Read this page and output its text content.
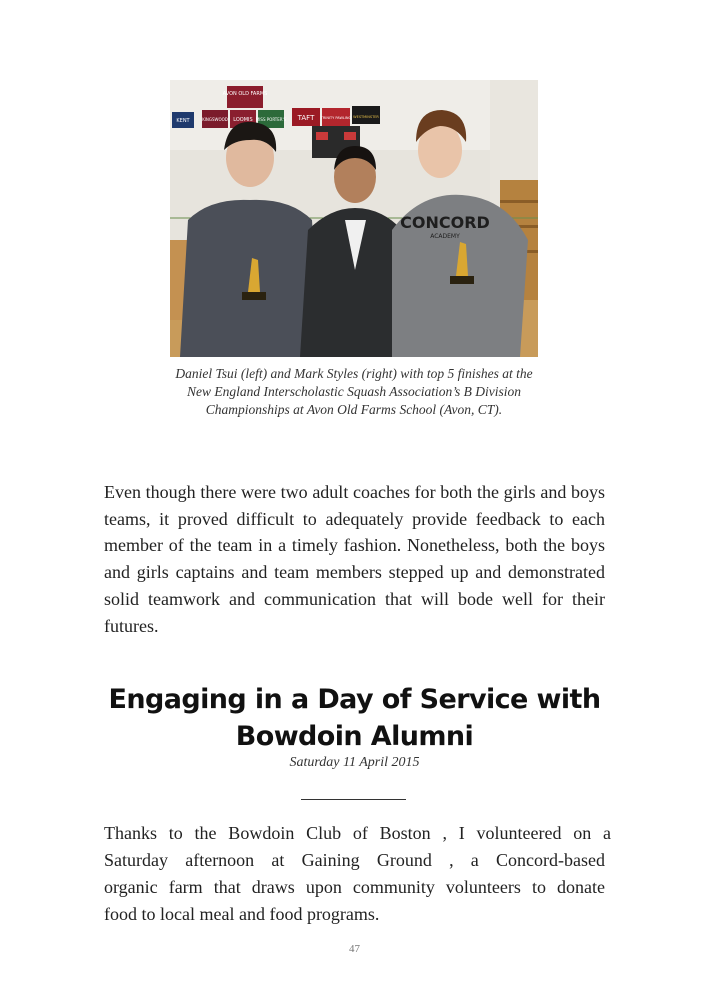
AVON OLD FARMS
KENT	KINGSWOOD LOOMIS MISS PORTER'S TAFT TRINITY PAWLING WESTMINSTER
CONCORD
ACADEMY
Daniel Tsui (left) and Mark Styles (right) with top 5 finishes at the New England Interscholastic Squash Association’s B Division Championships at Avon Old Farms School (Avon, CT).

Even though there were two adult coaches for both the girls and boys teams, it proved difficult to adequately provide feedback to each member of the team in a timely fashion. Nonetheless, both the boys and girls captains and team members stepped up and demonstrated solid teamwork and communication that will bode well for their futures.

Engaging in a Day of Service with Bowdoin Alumni
Saturday 11 April 2015
Thanks to the Bowdoin Club of Boston , I volunteered on a
Saturday afternoon at Gaining Ground , a Concord-based
organic farm that draws upon community volunteers to donate
food to local meal and food programs.
47
